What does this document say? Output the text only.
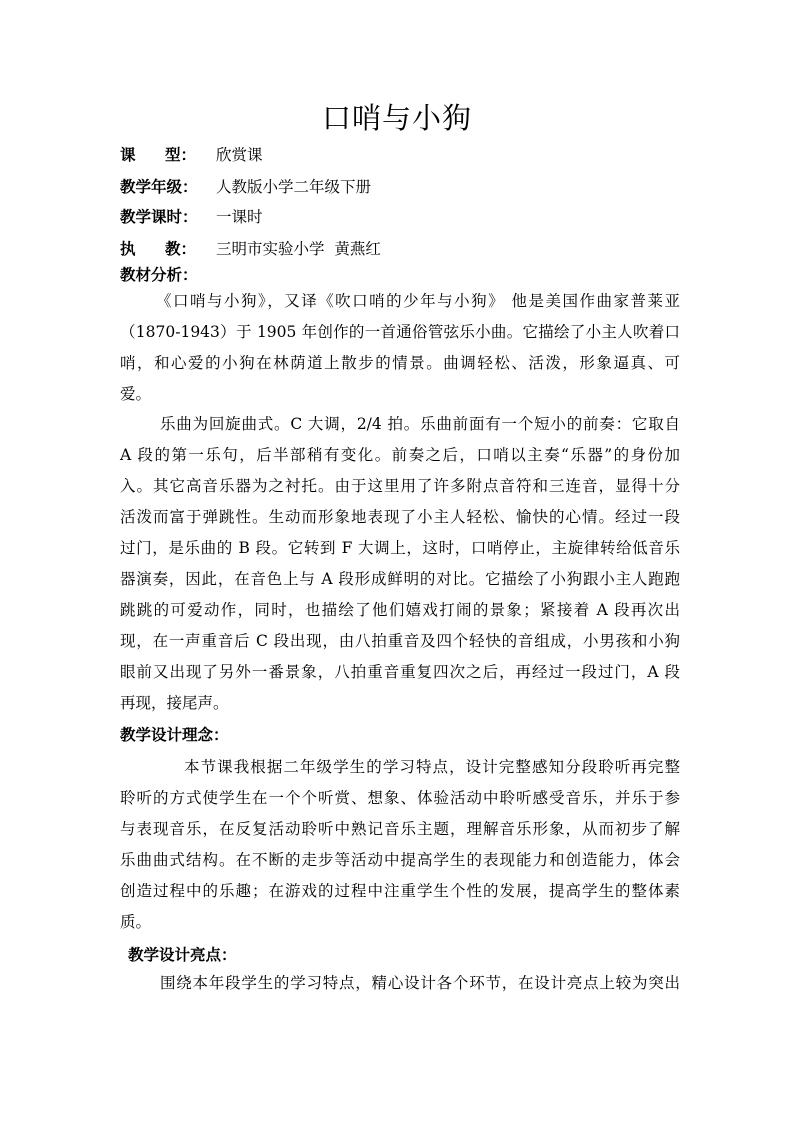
口哨与小狗
课 型： 欣赏课
教学年级：	人教版小学二年级下册
教学课时：	一课时
执 教： 三明市实验小学  黄燕红
教材分析：
《口哨与小狗》，又译《吹口哨的少年与小狗》 他是美国作曲家普莱亚
（1870-1943）于 1905 年创作的一首通俗管弦乐小曲。它描绘了小主人吹着口
哨，和心爱的小狗在林荫道上散步的情景。曲调轻松、活泼，形象逼真、可
爱。
乐曲为回旋曲式。C 大调，2/4 拍。乐曲前面有一个短小的前奏：它取自
A 段的第一乐句，后半部稍有变化。前奏之后，口哨以主奏“乐器”的身份加
入。其它高音乐器为之衬托。由于这里用了许多附点音符和三连音，显得十分
活泼而富于弹跳性。生动而形象地表现了小主人轻松、愉快的心情。经过一段
过门，是乐曲的 B 段。它转到 F 大调上，这时，口哨停止，主旋律转给低音乐
器演奏，因此，在音色上与 A 段形成鲜明的对比。它描绘了小狗跟小主人跑跑
跳跳的可爱动作，同时，也描绘了他们嬉戏打闹的景象；紧接着 A 段再次出
现，在一声重音后 C 段出现，由八拍重音及四个轻快的音组成，小男孩和小狗
眼前又出现了另外一番景象，八拍重音重复四次之后，再经过一段过门，A 段
再现，接尾声。
教学设计理念：
本节课我根据二年级学生的学习特点，设计完整感知分段聆听再完整
聆听的方式使学生在一个个听赏、想象、体验活动中聆听感受音乐，并乐于参
与表现音乐，在反复活动聆听中熟记音乐主题，理解音乐形象，从而初步了解
乐曲曲式结构。在不断的走步等活动中提高学生的表现能力和创造能力，体会
创造过程中的乐趣；在游戏的过程中注重学生个性的发展，提高学生的整体素
质。
教学设计亮点：
围绕本年段学生的学习特点，精心设计各个环节，在设计亮点上较为突出
